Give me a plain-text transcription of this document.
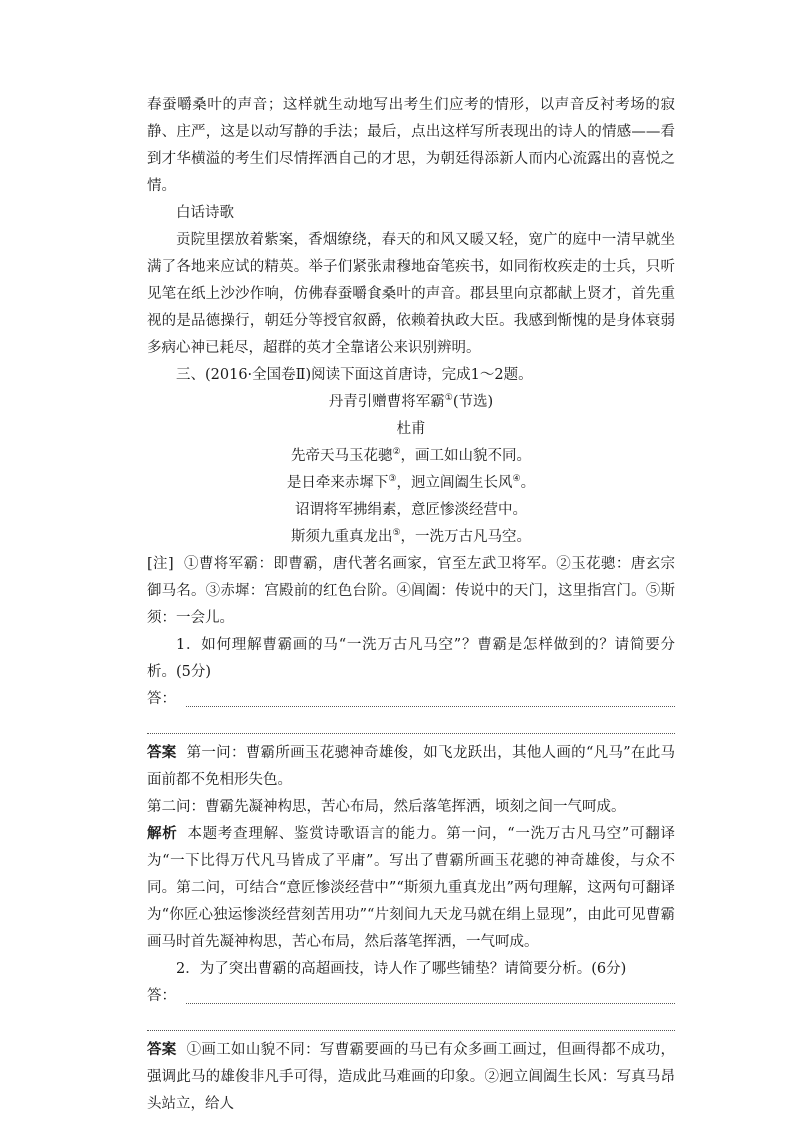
春蚕嚼桑叶的声音；这样就生动地写出考生们应考的情形，以声音反衬考场的寂静、庄严，这是以动写静的手法；最后，点出这样写所表现出的诗人的情感——看到才华横溢的考生们尽情挥洒自己的才思，为朝廷得添新人而内心流露出的喜悦之情。

白话诗歌

贡院里摆放着紫案，香烟缭绕，春天的和风又暖又轻，宽广的庭中一清早就坐满了各地来应试的精英。举子们紧张肃穆地奋笔疾书，如同衔枚疾走的士兵，只听见笔在纸上沙沙作响，仿佛春蚕嚼食桑叶的声音。郡县里向京都献上贤才，首先重视的是品德操行，朝廷分等授官叙爵，依赖着执政大臣。我感到惭愧的是身体衰弱多病心神已耗尽，超群的英才全靠诸公来识别辨明。

三、(2016·全国卷Ⅱ)阅读下面这首唐诗，完成1～2题。

丹青引赠曹将军霸①(节选)

杜甫

先帝天马玉花骢②，画工如山貌不同。

是日牵来赤墀下③，迥立阊阖生长风④。

诏谓将军拂绢素，意匠惨淡经营中。

斯须九重真龙出⑤，一洗万古凡马空。

[注] ①曹将军霸：即曹霸，唐代著名画家，官至左武卫将军。②玉花骢：唐玄宗御马名。③赤墀：宫殿前的红色台阶。④阊阖：传说中的天门，这里指宫门。⑤斯须：一会儿。

1．如何理解曹霸画的马“一洗万古凡马空”？曹霸是怎样做到的？请简要分析。(5分)

答：

答案 第一问：曹霸所画玉花骢神奇雄俊，如飞龙跃出，其他人画的“凡马”在此马面前都不免相形失色。

第二问：曹霸先凝神构思，苦心布局，然后落笔挥洒，顷刻之间一气呵成。

解析 本题考查理解、鉴赏诗歌语言的能力。第一问，“一洗万古凡马空”可翻译为“一下比得万代凡马皆成了平庸”。写出了曹霸所画玉花骢的神奇雄俊，与众不同。第二问，可结合“意匠惨淡经营中”“斯须九重真龙出”两句理解，这两句可翻译为“你匠心独运惨淡经营刻苦用功”“片刻间九天龙马就在绢上显现”，由此可见曹霸画马时首先凝神构思，苦心布局，然后落笔挥洒，一气呵成。

2．为了突出曹霸的高超画技，诗人作了哪些铺垫？请简要分析。(6分)

答：

答案 ①画工如山貌不同：写曹霸要画的马已有众多画工画过，但画得都不成功，强调此马的雄俊非凡手可得，造成此马难画的印象。②迥立阊阖生长风：写真马昂头站立，给人
